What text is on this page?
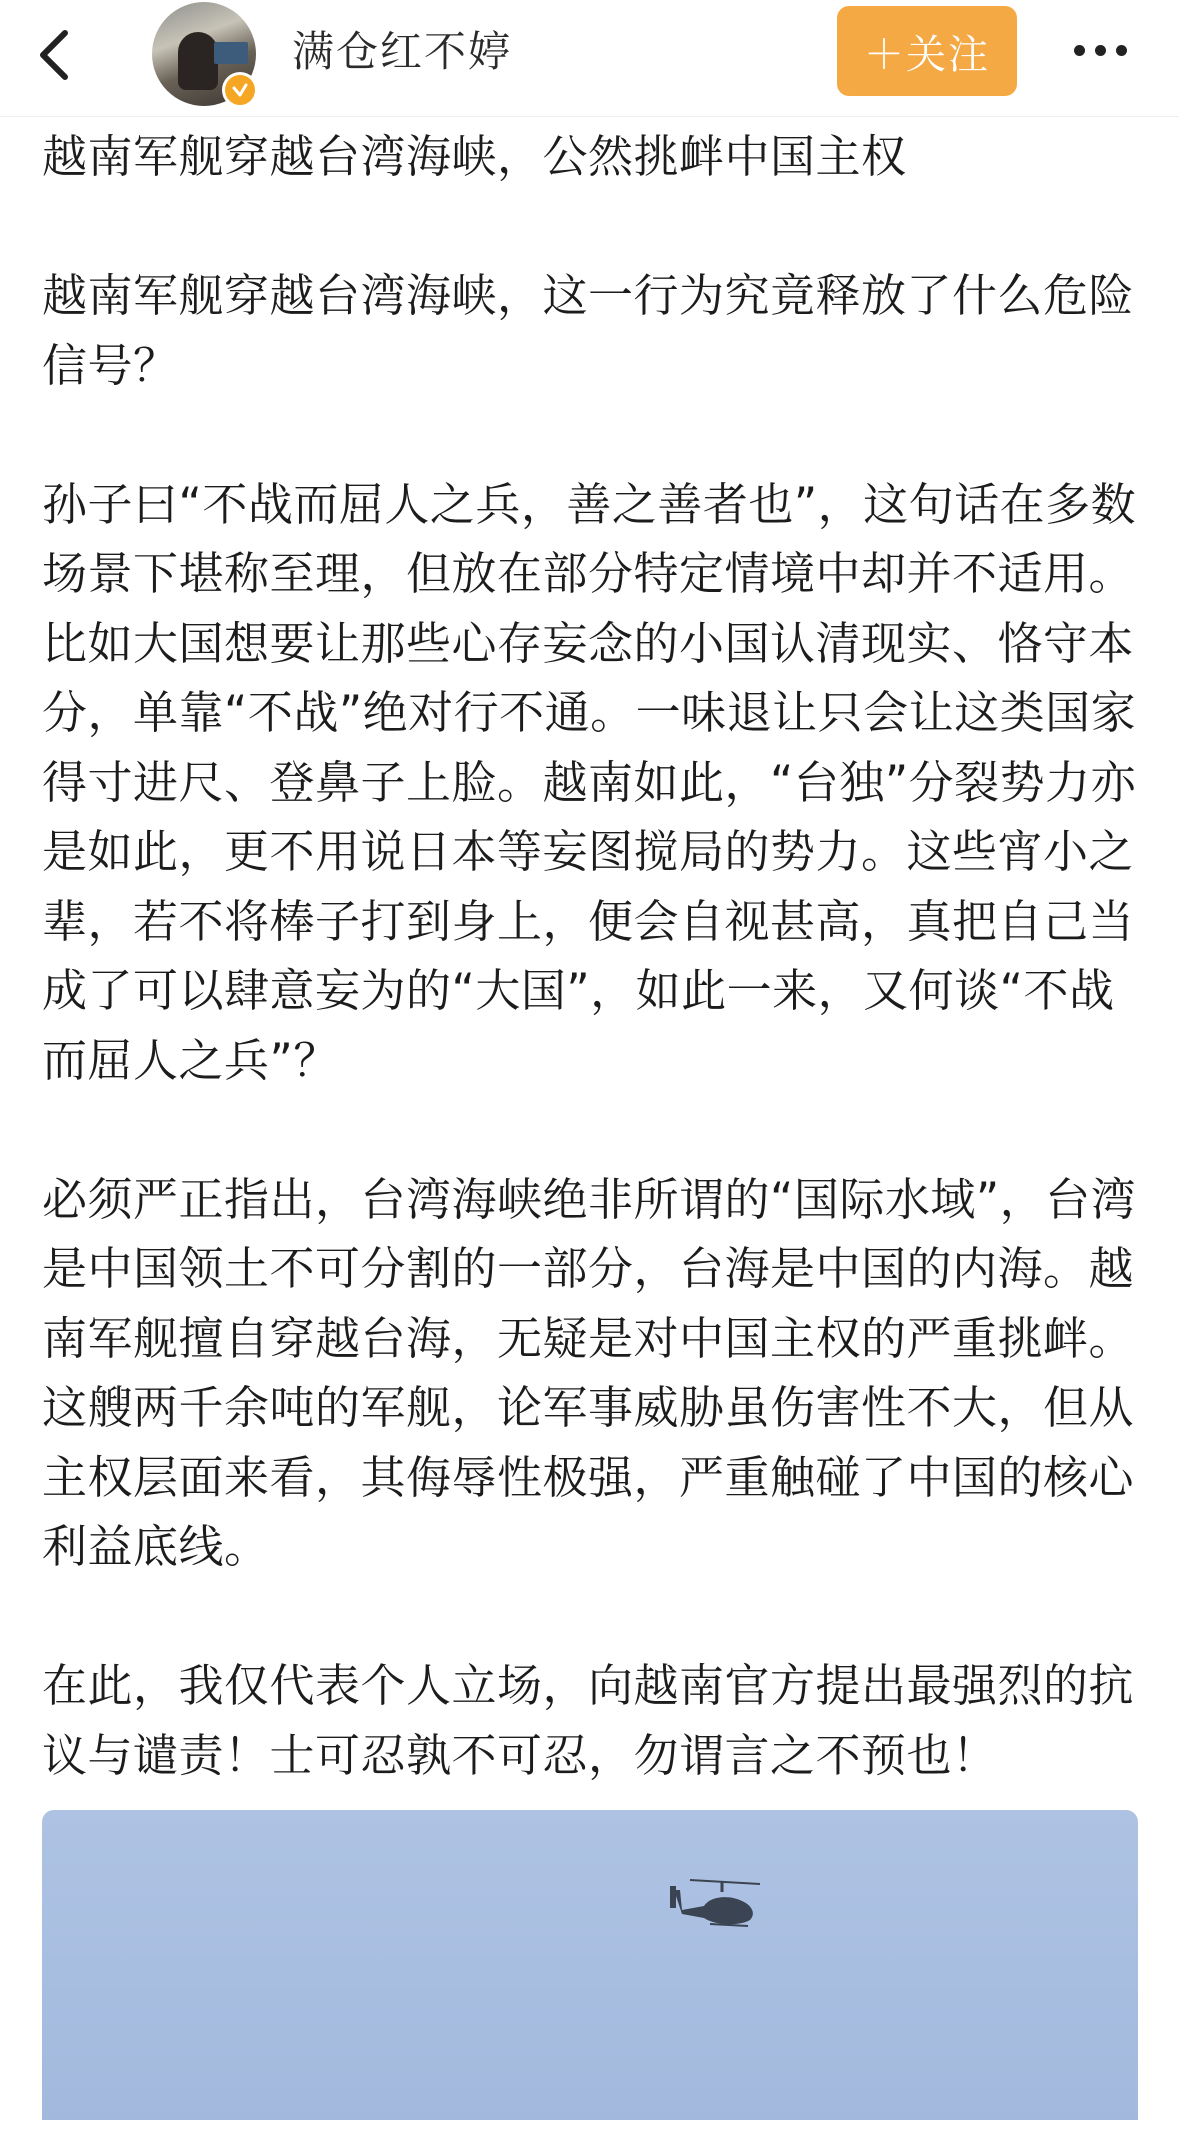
满仓红不婷	＋关注

越南军舰穿越台湾海峡，公然挑衅中国主权

越南军舰穿越台湾海峡，这一行为究竟释放了什么危险信号？

孙子曰“不战而屈人之兵，善之善者也”，这句话在多数场景下堪称至理，但放在部分特定情境中却并不适用。比如大国想要让那些心存妄念的小国认清现实、恪守本分，单靠“不战”绝对行不通。一味退让只会让这类国家得寸进尺、登鼻子上脸。越南如此，“台独”分裂势力亦是如此，更不用说日本等妄图搅局的势力。这些宵小之辈，若不将棒子打到身上，便会自视甚高，真把自己当成了可以肆意妄为的“大国”，如此一来，又何谈“不战而屈人之兵”？

必须严正指出，台湾海峡绝非所谓的“国际水域”，台湾是中国领土不可分割的一部分，台海是中国的内海。越南军舰擅自穿越台海，无疑是对中国主权的严重挑衅。这艘两千余吨的军舰，论军事威胁虽伤害性不大，但从主权层面来看，其侮辱性极强，严重触碰了中国的核心利益底线。

在此，我仅代表个人立场，向越南官方提出最强烈的抗议与谴责！士可忍孰不可忍，勿谓言之不预也！
